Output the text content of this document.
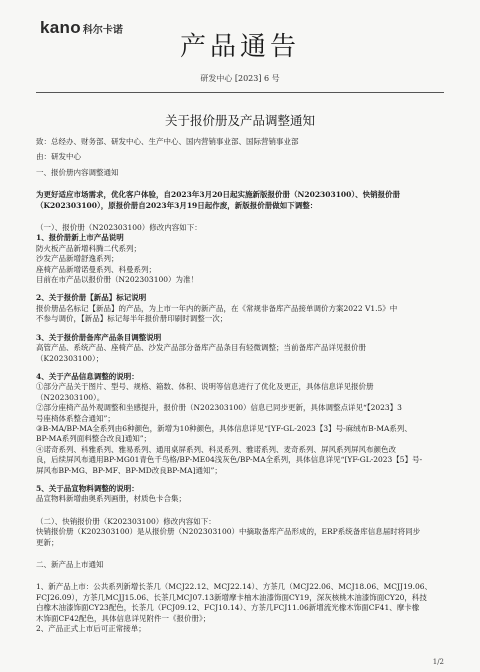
kano 科尔卡诺
产品通告
研发中心 [2023] 6 号
关于报价册及产品调整通知

致：总经办、财务部、研发中心、生产中心、国内营销事业部、国际营销事业部

由：研发中心

一、报价册内容调整通知

为更好适应市场需求，优化客户体验，自2023年3月20日起实施新版报价册（N202303100）、快销报价册

（K202303100），原报价册自2023年3月19日起作废，新版报价册做如下调整：

（一）、报价册（N202303100）修改内容如下：

1、报价册新上市产品说明

防火板产品新增科腾二代系列；

沙发产品新增舒逸系列；

座椅产品新增诺曼系列、科曼系列；

目前在市产品以报价册（N202303100）为准！

2、关于报价册【新品】标记说明

报价册品名标记【新品】的产品，为上市一年内的新产品，在《常规非备库产品接单调价方案2022 V1.5》中

不参与调价，【新品】标记每半年报价册印刷时调整一次；

3、关于报价册备库产品条目调整说明

高管产品、系统产品、座椅产品、沙发产品部分备库产品条目有轻微调整；当前备库产品详见报价册

（K202303100）；

4、关于产品信息调整的说明：

①部分产品关于图片、型号、规格、箱数、体积、说明等信息进行了优化及更正，具体信息详见报价册

（N202303100）。

②部分座椅产品外观调整和坐感提升，报价册（N202303100）信息已同步更新，具体调整点详见“【2023】3

号座椅体系整合通知”；

③B-MA/BP-MA全系列由6种颜色，新增为10种颜色，具体信息详见“[YF-GL-2023【3】号-麻绒布B-MA系列、

BP-MA系列面料整合改良]通知”；

④诺奇系列、科雅系列、雅易系列、通用桌屏系列、科灵系列、雅诺系列、麦奇系列、屏风系列屏风布颜色改

良，后续屏风布通用BP-MG01青色千鸟格/BP-ME04浅灰色/BP-MA全系列，具体信息详见“[YF-GL-2023【5】号-

屏风布BP-MG、BP-MF、BP-MD改良BP-MA]通知”；

5、关于品宣物料调整的说明：

品宣物料新增曲奥系列画册，材质色卡合集；

（二）、快销报价册（K202303100）修改内容如下：

快销报价册（K202303100）是从报价册（N202303100）中摘取备库产品形成的，ERP系统备库信息届时将同步

更新；

二、新产品上市通知

1、新产品上市：公共系列新增长茶几（MCJ22.12、MCJ22.14）、方茶几（MCJ22.06、MCJ18.06、MCJJ19.06、

FCJ26.09），方茶几MCJJ15.06、长茶几MCJ07.13新增摩卡柚木油漆饰面CY19，深灰核桃木油漆饰面CY20，科技

白橡木油漆饰面CY23配色，长茶几（FCJ09.12、FCJ10.14）、方茶几FCJ11.06新增流光橡木饰面CF41、摩卡橡

木饰面CF42配色，具体信息详见附件一《报价册》；

2、产品正式上市后可正常接单；

1/2
